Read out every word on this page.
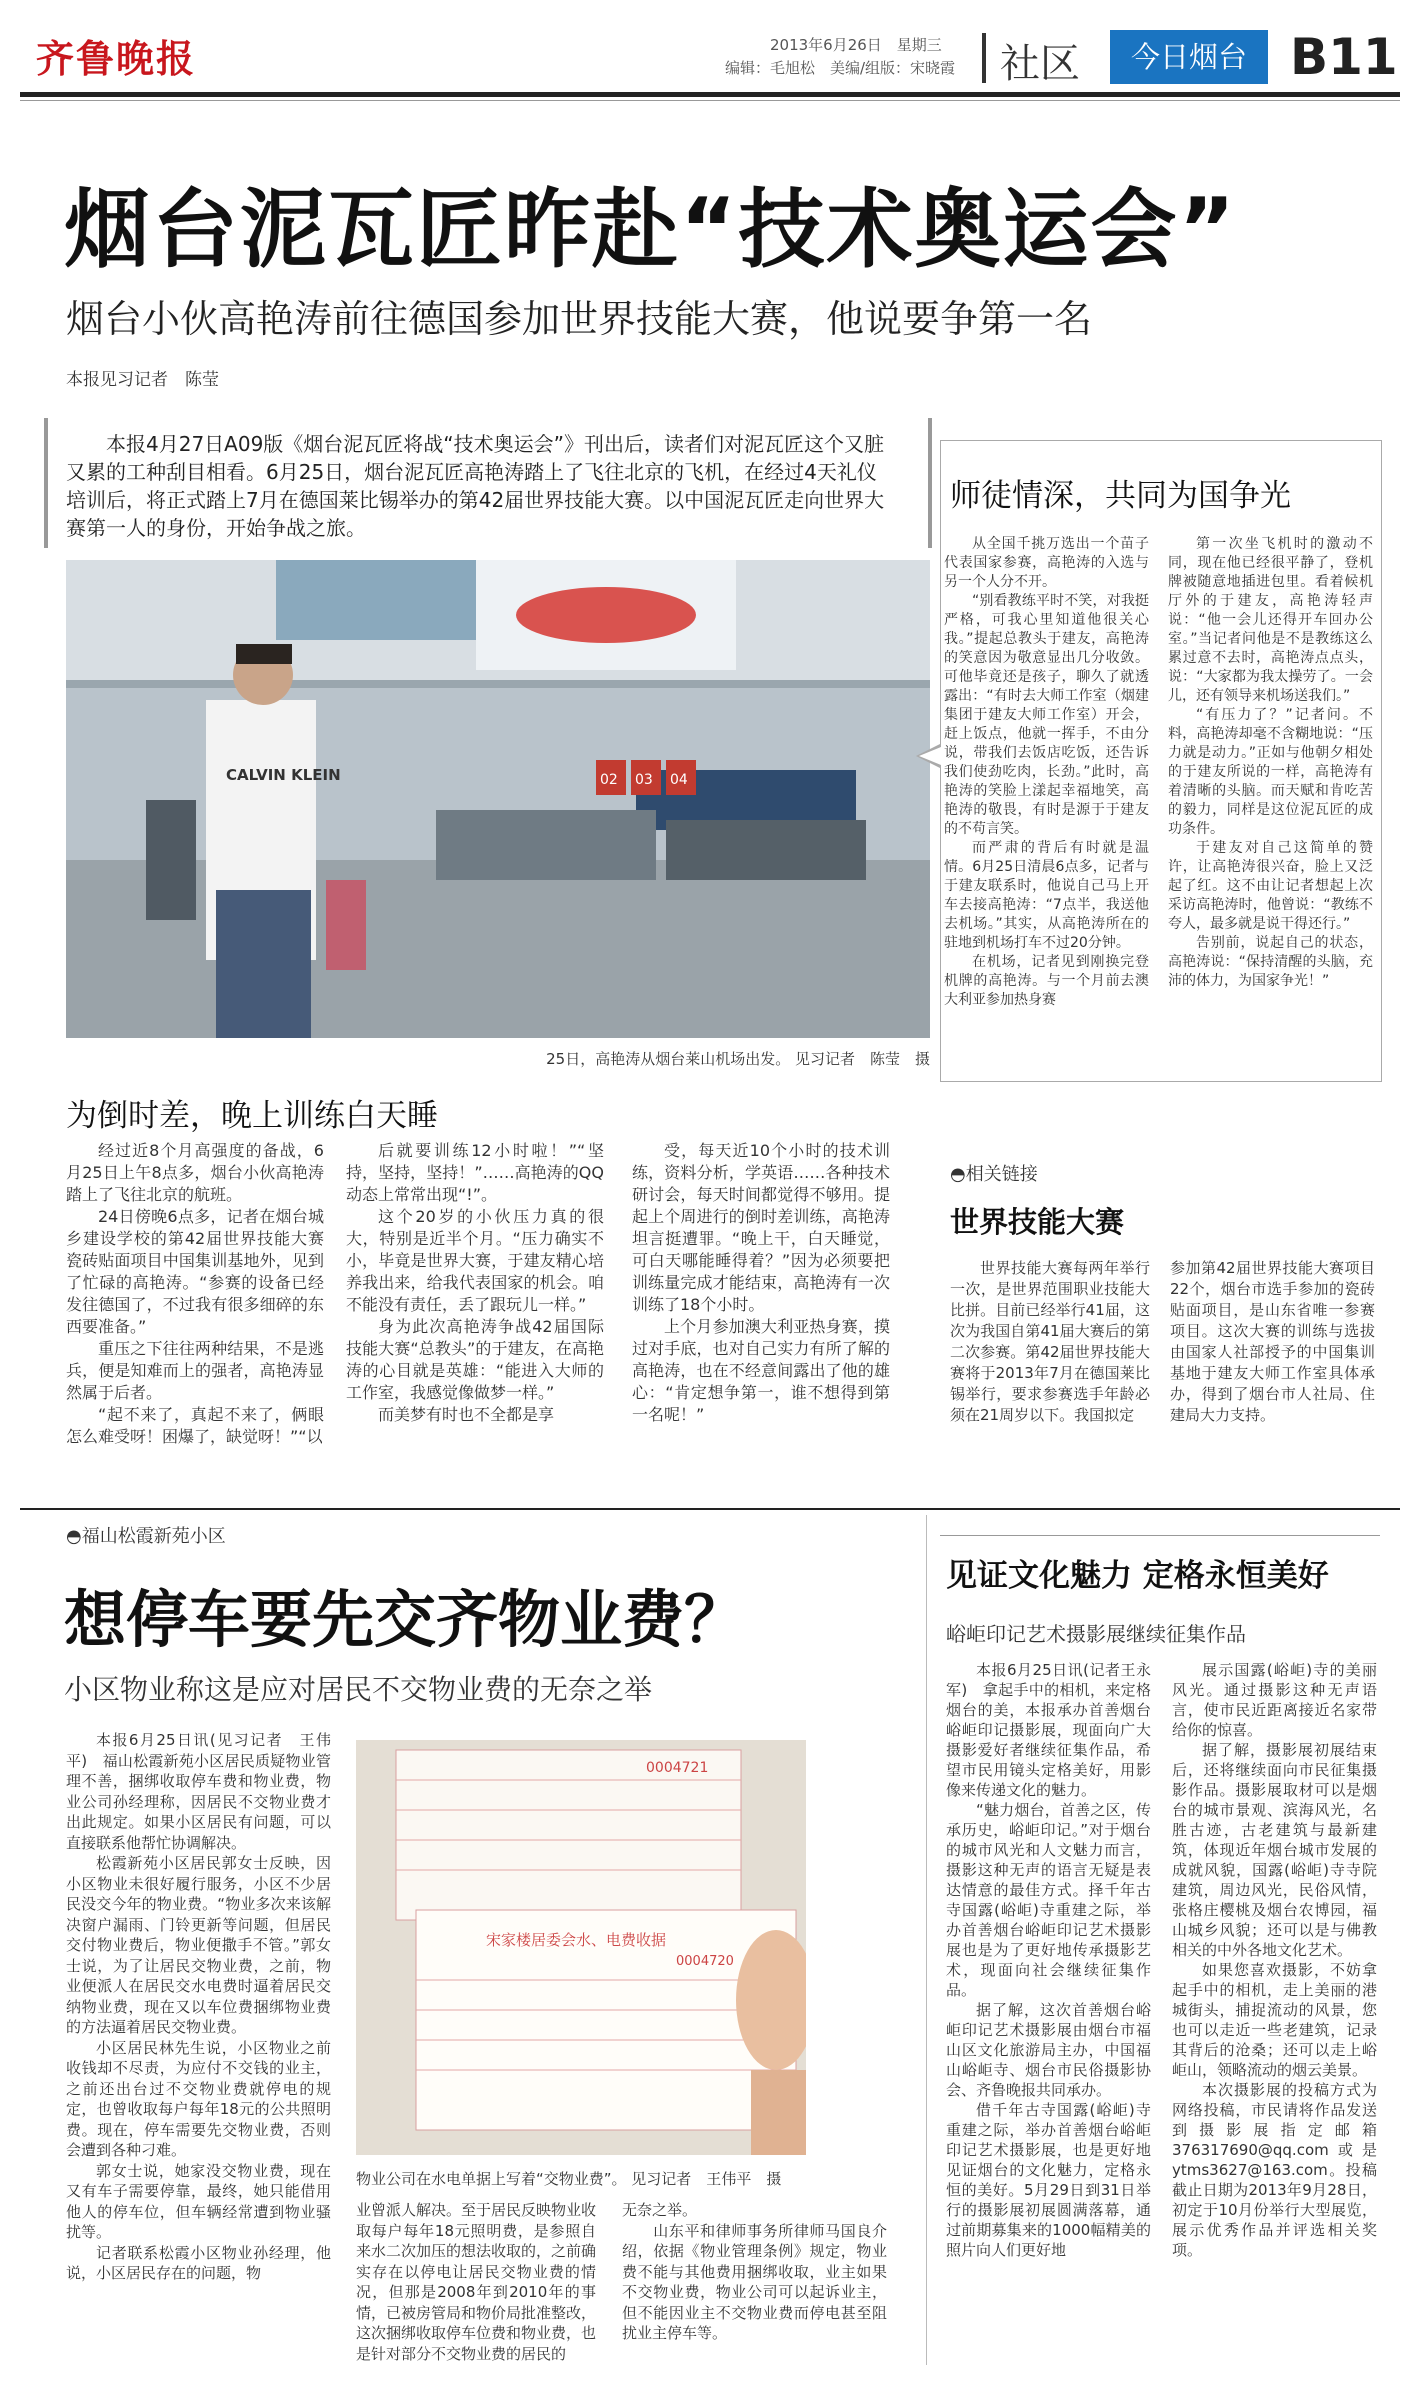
齐鲁晚报	2013年6月26日　星期三
编辑：毛旭松　美编/组版：宋晓霞 社区	今日烟台 B11
烟台泥瓦匠昨赴“技术奥运会”
烟台小伙高艳涛前往德国参加世界技能大赛，他说要争第一名
本报见习记者　陈莹
本报4月27日A09版《烟台泥瓦匠将战“技术奥运会”》刊出后，读者们对泥瓦匠这个又脏又累的工种刮目相看。6月25日，烟台泥瓦匠高艳涛踏上了飞往北京的飞机，在经过4天礼仪培训后，将正式踏上7月在德国莱比锡举办的第42届世界技能大赛。以中国泥瓦匠走向世界大赛第一人的身份，开始争战之旅。
02 03 04
CALVIN KLEIN
25日，高艳涛从烟台莱山机场出发。 见习记者　陈莹　摄
为倒时差，晚上训练白天睡

经过近8个月高强度的备战，6月25日上午8点多，烟台小伙高艳涛踏上了飞往北京的航班。

24日傍晚6点多，记者在烟台城乡建设学校的第42届世界技能大赛瓷砖贴面项目中国集训基地外，见到了忙碌的高艳涛。“参赛的设备已经发往德国了，不过我有很多细碎的东西要准备。”

重压之下往往两种结果，不是逃兵，便是知难而上的强者，高艳涛显然属于后者。

“起不来了，真起不来了，俩眼怎么难受呀！困爆了，缺觉呀！”“以

后就要训练12小时啦！”“坚持，坚持，坚持！”……高艳涛的QQ动态上常常出现“!”。

这个20岁的小伙压力真的很大，特别是近半个月。“压力确实不小，毕竟是世界大赛，于建友精心培养我出来，给我代表国家的机会。咱不能没有责任，丢了跟玩儿一样。”

身为此次高艳涛争战42届国际技能大赛“总教头”的于建友，在高艳涛的心目就是英雄：“能进入大师的工作室，我感觉像做梦一样。”

而美梦有时也不全都是享

受，每天近10个小时的技术训练，资料分析，学英语……各种技术研讨会，每天时间都觉得不够用。提起上个周进行的倒时差训练，高艳涛坦言挺遭罪。“晚上干，白天睡觉，可白天哪能睡得着？”因为必须要把训练量完成才能结束，高艳涛有一次训练了18个小时。

上个月参加澳大利亚热身赛，摸过对手底，也对自己实力有所了解的高艳涛，也在不经意间露出了他的雄心：“肯定想争第一，谁不想得到第一名呢！”

师徒情深，共同为国争光

从全国千挑万选出一个苗子代表国家参赛，高艳涛的入选与另一个人分不开。

“别看教练平时不笑，对我挺严格，可我心里知道他很关心我。”提起总教头于建友，高艳涛的笑意因为敬意显出几分收敛。可他毕竟还是孩子，聊久了就透露出：“有时去大师工作室（烟建集团于建友大师工作室）开会，赶上饭点，他就一挥手，不由分说，带我们去饭店吃饭，还告诉我们使劲吃肉，长劲。”此时，高艳涛的笑脸上漾起幸福地笑，高艳涛的敬畏，有时是源于于建友的不苟言笑。

而严肃的背后有时就是温情。6月25日清晨6点多，记者与于建友联系时，他说自己马上开车去接高艳涛：“7点半，我送他去机场。”其实，从高艳涛所在的驻地到机场打车不过20分钟。

在机场，记者见到刚换完登机牌的高艳涛。与一个月前去澳大利亚参加热身赛

第一次坐飞机时的激动不同，现在他已经很平静了，登机牌被随意地插进包里。看着候机厅外的于建友，高艳涛轻声说：“他一会儿还得开车回办公室。”当记者问他是不是教练这么累过意不去时，高艳涛点点头，说：“大家都为我太操劳了。一会儿，还有领导来机场送我们。”

“有压力了？”记者问。不料，高艳涛却毫不含糊地说：“压力就是动力。”正如与他朝夕相处的于建友所说的一样，高艳涛有着清晰的头脑。而天赋和肯吃苦的毅力，同样是这位泥瓦匠的成功条件。

于建友对自己这简单的赞许，让高艳涛很兴奋，脸上又泛起了红。这不由让记者想起上次采访高艳涛时，他曾说：“教练不夸人，最多就是说干得还行。”

告别前，说起自己的状态，高艳涛说：“保持清醒的头脑，充沛的体力，为国家争光！”

◓相关链接
世界技能大赛
世界技能大赛每两年举行一次，是世界范围职业技能大比拼。目前已经举行41届，这次为我国自第41届大赛后的第二次参赛。第42届世界技能大赛将于2013年7月在德国莱比锡举行，要求参赛选手年龄必须在21周岁以下。我国拟定
参加第42届世界技能大赛项目22个，烟台市选手参加的瓷砖贴面项目，是山东省唯一参赛项目。这次大赛的训练与选拔由国家人社部授予的中国集训基地于建友大师工作室具体承办，得到了烟台市人社局、住建局大力支持。
◓福山松霞新苑小区
想停车要先交齐物业费？
小区物业称这是应对居民不交物业费的无奈之举

本报6月25日讯(见习记者　王伟平)　福山松霞新苑小区居民质疑物业管理不善，捆绑收取停车费和物业费，物业公司孙经理称，因居民不交物业费才出此规定。如果小区居民有问题，可以直接联系他帮忙协调解决。

松霞新苑小区居民郭女士反映，因小区物业未很好履行服务，小区不少居民没交今年的物业费。“物业多次来该解决窗户漏雨、门铃更新等问题，但居民交付物业费后，物业便撒手不管。”郭女士说，为了让居民交物业费，之前，物业便派人在居民交水电费时逼着居民交纳物业费，现在又以车位费捆绑物业费的方法逼着居民交物业费。

小区居民林先生说，小区物业之前收钱却不尽责，为应付不交钱的业主，之前还出台过不交物业费就停电的规定，也曾收取每户每年18元的公共照明费。现在，停车需要先交物业费，否则会遭到各种刁难。

郭女士说，她家没交物业费，现在又有车子需要停靠，最终，她只能借用他人的停车位，但车辆经常遭到物业骚扰等。

记者联系松霞小区物业孙经理，他说，小区居民存在的问题，物

0004721
宋家楼居委会水、电费收据
0004720
物业公司在水电单据上写着“交物业费”。 见习记者　王伟平　摄
业曾派人解决。至于居民反映物业收取每户每年18元照明费，是参照自来水二次加压的想法收取的，之前确实存在以停电让居民交物业费的情况，但那是2008年到2010年的事情，已被房管局和物价局批准整改，这次捆绑收取停车位费和物业费，也是针对部分不交物业费的居民的
无奈之举。
　　山东平和律师事务所律师马国良介绍，依据《物业管理条例》规定，物业费不能与其他费用捆绑收取，业主如果不交物业费，物业公司可以起诉业主，但不能因业主不交物业费而停电甚至阻扰业主停车等。
见证文化魅力 定格永恒美好
峪岠印记艺术摄影展继续征集作品

本报6月25日讯(记者王永军)　拿起手中的相机，来定格烟台的美，本报承办首善烟台峪岠印记摄影展，现面向广大摄影爱好者继续征集作品，希望市民用镜头定格美好，用影像来传递文化的魅力。

“魅力烟台，首善之区，传承历史，峪岠印记。”对于烟台的城市风光和人文魅力而言，摄影这种无声的语言无疑是表达情意的最佳方式。择千年古寺国露(峪岠)寺重建之际，举办首善烟台峪岠印记艺术摄影展也是为了更好地传承摄影艺术，现面向社会继续征集作品。

据了解，这次首善烟台峪岠印记艺术摄影展由烟台市福山区文化旅游局主办，中国福山峪岠寺、烟台市民俗摄影协会、齐鲁晚报共同承办。

借千年古寺国露(峪岠)寺重建之际，举办首善烟台峪岠印记艺术摄影展，也是更好地见证烟台的文化魅力，定格永恒的美好。5月29日到31日举行的摄影展初展圆满落幕，通过前期募集来的1000幅精美的照片向人们更好地

展示国露(峪岠)寺的美丽风光。通过摄影这种无声语言，使市民近距离接近名家带给你的惊喜。

据了解，摄影展初展结束后，还将继续面向市民征集摄影作品。摄影展取材可以是烟台的城市景观、滨海风光，名胜古迹，古老建筑与最新建筑，体现近年烟台城市发展的成就风貌，国露(峪岠)寺寺院建筑，周边风光，民俗风情，张格庄樱桃及烟台农博园，福山城乡风貌；还可以是与佛教相关的中外各地文化艺术。

如果您喜欢摄影，不妨拿起手中的相机，走上美丽的港城街头，捕捉流动的风景，您也可以走近一些老建筑，记录其背后的沧桑；还可以走上峪岠山，领略流动的烟云美景。

本次摄影展的投稿方式为网络投稿，市民请将作品发送到摄影展指定邮箱376317690@qq.com或是ytms3627@163.com。投稿截止日期为2013年9月28日，初定于10月份举行大型展览，展示优秀作品并评选相关奖项。
